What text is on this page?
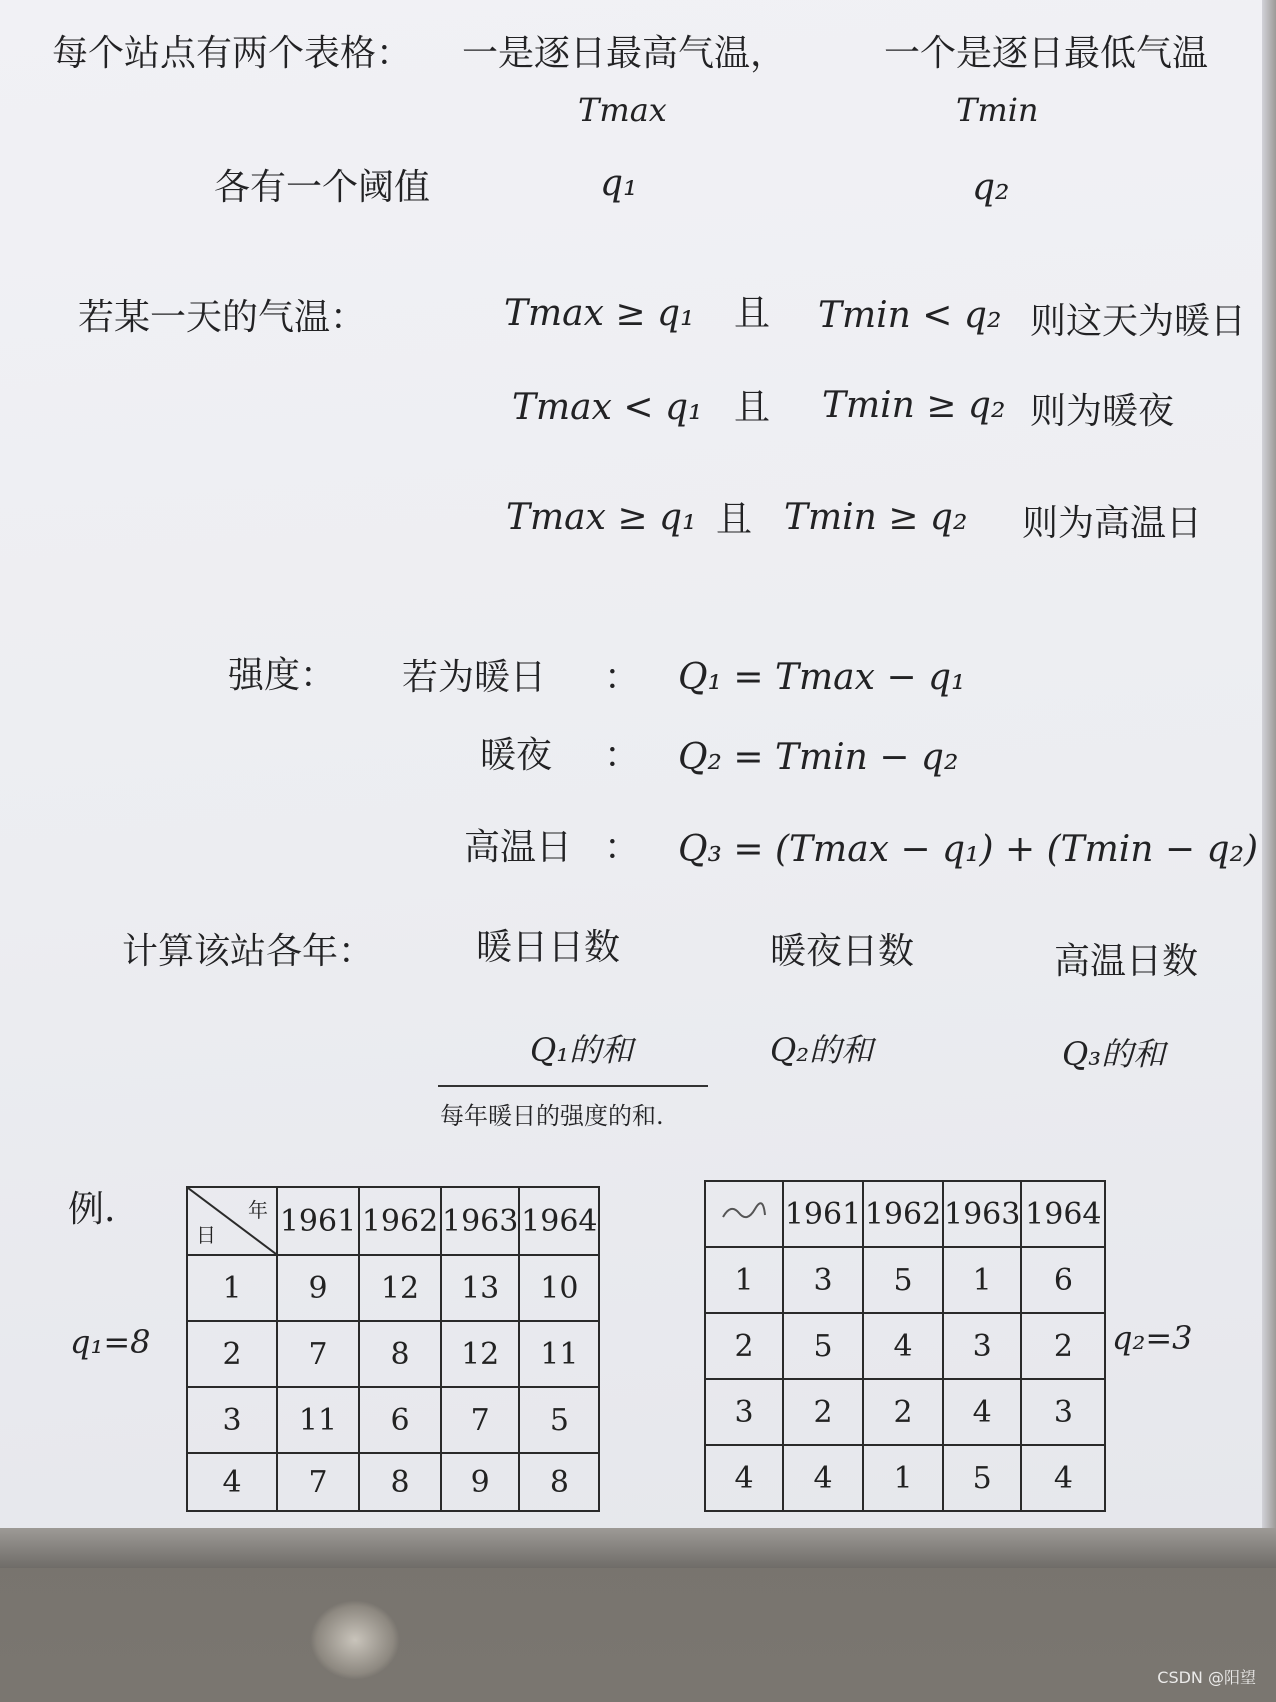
每个站点有两个表格： 一是逐日最高气温，	一个是逐日最低气温
Tmax	Tmin
各有一个阈值	q₁	q₂
若某一天的气温：	Tmax ≥ q₁ 且 Tmin < q₂ 则这天为暖日
Tmax < q₁ 且 Tmin ≥ q₂ 则为暖夜
Tmax ≥ q₁ 且 Tmin ≥ q₂ 则为高温日
强度： 若为暖日 ： Q₁ = Tmax − q₁
暖夜 ： Q₂ = Tmin − q₂
高温日 ： Q₃ = (Tmax − q₁) + (Tmin − q₂)
计算该站各年：	暖日日数	暖夜日数	高温日数
Q₁的和	Q₂的和	Q₃的和
每年暖日的强度的和.
例.
q₁=8	q₂=3
日
年	1961	1962	1963	1964
1	9	12	13	10
2	7	8	12	11
3	11	6	7	5
4	7	8	9	8
	1961	1962	1963	1964
1	3	5	1	6
2	5	4	3	2
3	2	2	4	3
4	4	1	5	4
CSDN @阳望
